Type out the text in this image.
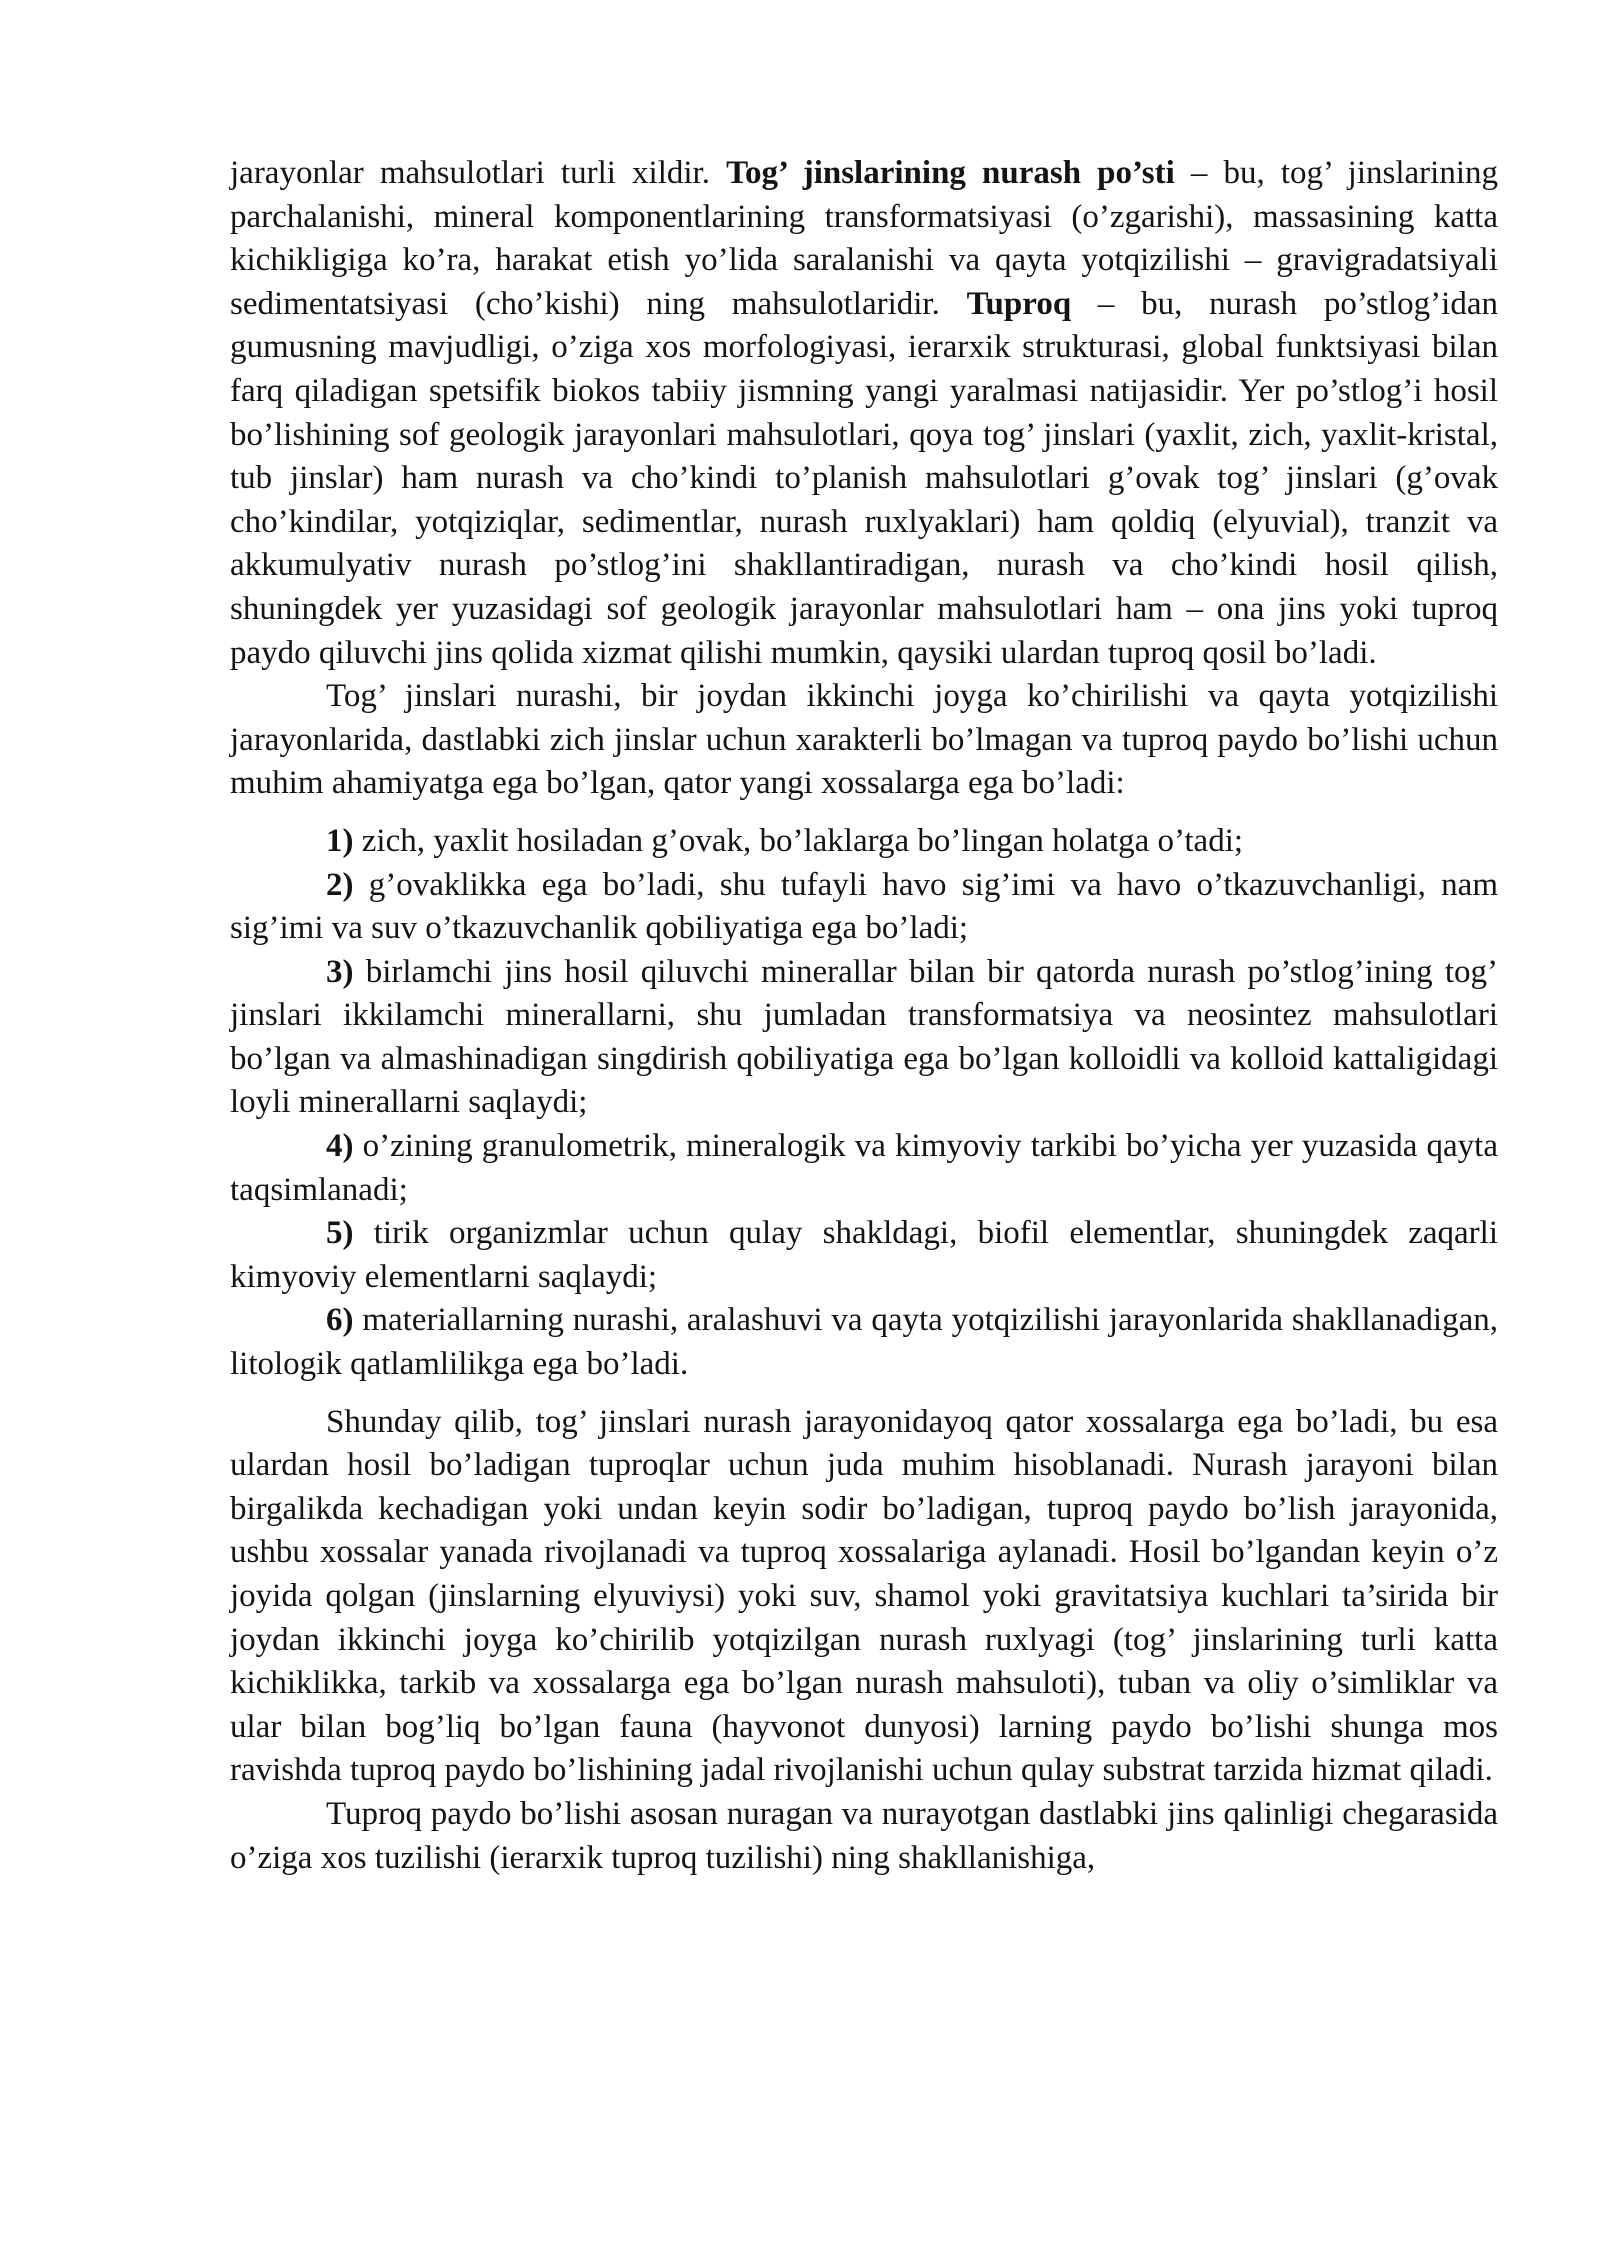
jarayonlar mahsulotlari turli xildir. Tog’ jinslarining nurash po’sti – bu, tog’ jinslarining parchalanishi, mineral komponentlarining transformatsiyasi (o’zgarishi), massasining katta kichikligiga ko’ra, harakat etish yo’lida saralanishi va qayta yotqizilishi – gravigradatsiyali sedimentatsiyasi (cho’kishi) ning mahsulotlaridir. Tuproq – bu, nurash po’stlog’idan gumusning mavjudligi, o’ziga xos morfologiyasi, ierarxik strukturasi, global funktsiyasi bilan farq qiladigan spetsifik biokos tabiiy jismning yangi yaralmasi natijasidir. Yer po’stlog’i hosil bo’lishining sof geologik jarayonlari mahsulotlari, qoya tog’ jinslari (yaxlit, zich, yaxlit-kristal, tub jinslar) ham nurash va cho’kindi to’planish mahsulotlari g’ovak tog’ jinslari (g’ovak cho’kindilar, yotqiziqlar, sedimentlar, nurash ruxlyaklari) ham qoldiq (elyuvial), tranzit va akkumulyativ nurash po’stlog’ini shakllantiradigan, nurash va cho’kindi hosil qilish, shuningdek yer yuzasidagi sof geologik jarayonlar mahsulotlari ham – ona jins yoki tuproq paydo qiluvchi jins qolida xizmat qilishi mumkin, qaysiki ulardan tuproq qosil bo’ladi.

Tog’ jinslari nurashi, bir joydan ikkinchi joyga ko’chirilishi va qayta yotqizilishi jarayonlarida, dastlabki zich jinslar uchun xarakterli bo’lmagan va tuproq paydo bo’lishi uchun muhim ahamiyatga ega bo’lgan, qator yangi xossalarga ega bo’ladi:

1) zich, yaxlit hosiladan g’ovak, bo’laklarga bo’lingan holatga o’tadi;

2) g’ovaklikka ega bo’ladi, shu tufayli havo sig’imi va havo o’tkazuvchanligi, nam sig’imi va suv o’tkazuvchanlik qobiliyatiga ega bo’ladi;

3) birlamchi jins hosil qiluvchi minerallar bilan bir qatorda nurash po’stlog’ining tog’ jinslari ikkilamchi minerallarni, shu jumladan transformatsiya va neosintez mahsulotlari bo’lgan va almashinadigan singdirish qobiliyatiga ega bo’lgan kolloidli va kolloid kattaligidagi loyli minerallarni saqlaydi;

4) o’zining granulometrik, mineralogik va kimyoviy tarkibi bo’yicha yer yuzasida qayta taqsimlanadi;

5) tirik organizmlar uchun qulay shakldagi, biofil elementlar, shuningdek zaqarli kimyoviy elementlarni saqlaydi;

6) materiallarning nurashi, aralashuvi va qayta yotqizilishi jarayonlarida shakllanadigan, litologik qatlamlilikga ega bo’ladi.

Shunday qilib, tog’ jinslari nurash jarayonidayoq qator xossalarga ega bo’ladi, bu esa ulardan hosil bo’ladigan tuproqlar uchun juda muhim hisoblanadi. Nurash jarayoni bilan birgalikda kechadigan yoki undan keyin sodir bo’ladigan, tuproq paydo bo’lish jarayonida, ushbu xossalar yanada rivojlanadi va tuproq xossalariga aylanadi. Hosil bo’lgandan keyin o’z joyida qolgan (jinslarning elyuviysi) yoki suv, shamol yoki gravitatsiya kuchlari ta’sirida bir joydan ikkinchi joyga ko’chirilib yotqizilgan nurash ruxlyagi (tog’ jinslarining turli katta kichiklikka, tarkib va xossalarga ega bo’lgan nurash mahsuloti), tuban va oliy o’simliklar va ular bilan bog’liq bo’lgan fauna (hayvonot dunyosi) larning paydo bo’lishi shunga mos ravishda tuproq paydo bo’lishining jadal rivojlanishi uchun qulay substrat tarzida hizmat qiladi.

Tuproq paydo bo’lishi asosan nuragan va nurayotgan dastlabki jins qalinligi chegarasida o’ziga xos tuzilishi (ierarxik tuproq tuzilishi) ning shakllanishiga,
